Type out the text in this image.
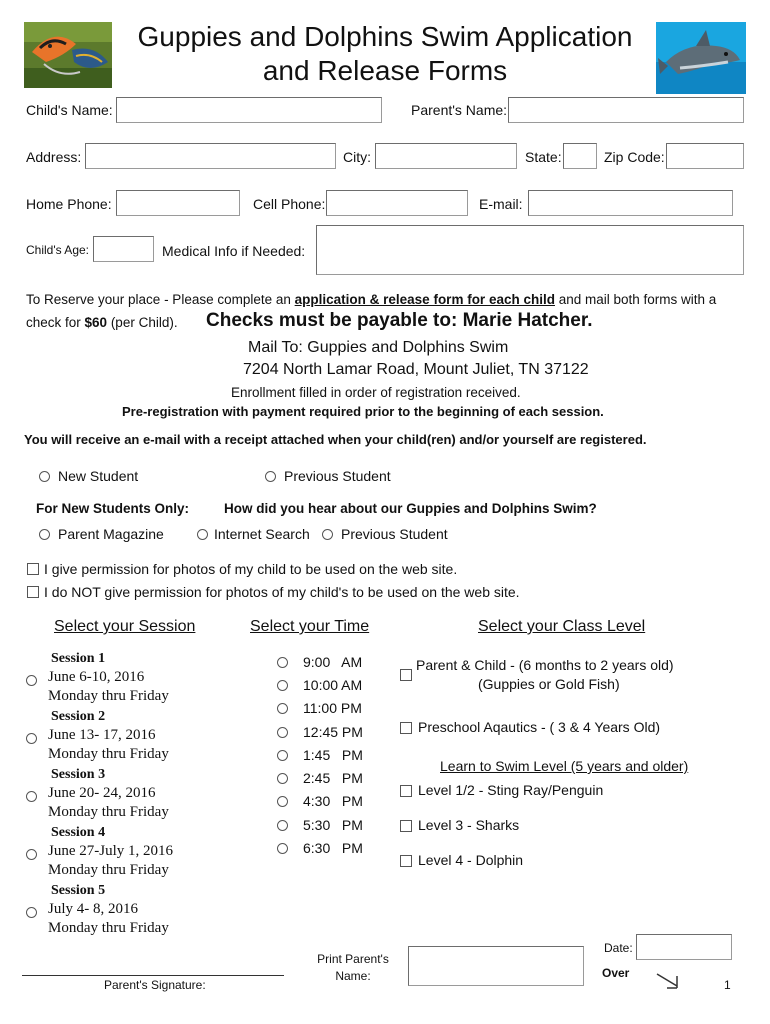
Guppies and Dolphins Swim Application
and Release Forms
Child's Name:	Parent's Name:
Address:	City:	State:	Zip Code:
Home Phone:	Cell Phone:	E-mail:
Child's Age:	Medical Info if Needed:
To Reserve your place - Please complete an application & release form for each child and mail both forms with a
check for $60 (per Child). Checks must be payable to: Marie Hatcher.
Mail To: Guppies and Dolphins Swim
7204 North Lamar Road, Mount Juliet, TN 37122
Enrollment filled in order of registration received.
Pre-registration with payment required prior to the beginning of each session.
You will receive an e-mail with a receipt attached when your child(ren) and/or yourself are registered.
New Student	Previous Student
For New Students Only:	How did you hear about our Guppies and Dolphins Swim?
Parent Magazine	Internet Search Previous Student
I give permission for photos of my child to be used on the web site.
I do NOT give permission for photos of my child's to be used on the web site.
Select your Session	Select your Time	Select your Class Level
Session 1
June 6-10, 2016
Monday thru Friday
Session 2
June 13- 17, 2016
Monday thru Friday
Session 3
June 20- 24, 2016
Monday thru Friday
Session 4
June 27-July 1, 2016
Monday thru Friday
Session 5
July 4- 8, 2016
Monday thru Friday
9:00   AM
10:00 AM
11:00 PM
12:45 PM
1:45   PM
2:45   PM
4:30   PM
5:30   PM
6:30   PM
Parent & Child - (6 months to 2 years old)
(Guppies or Gold Fish)
Preschool Aqautics - ( 3 & 4 Years Old)
Learn to Swim Level (5 years and older)
Level 1/2 - Sting Ray/Penguin
Level 3 - Sharks
Level 4 - Dolphin
Print Parent's
Name:
Date:
Over
Parent's Signature:	1
